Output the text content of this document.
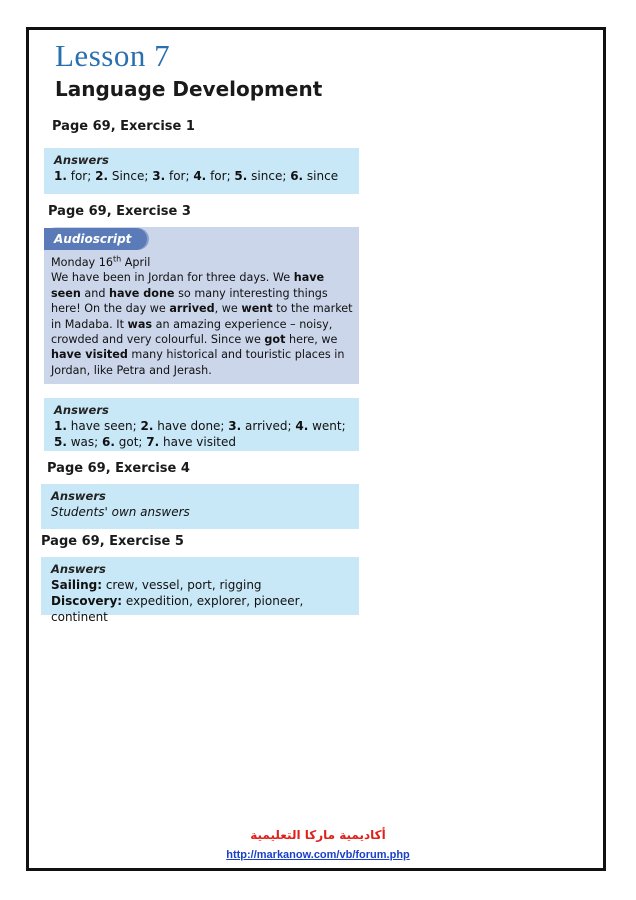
Lesson 7
Language Development
Page 69, Exercise 1
Answers
1. for; 2. Since; 3. for; 4. for; 5. since; 6. since
Page 69, Exercise 3
Audioscript

Monday 16th April

We have been in Jordan for three days. We have seen and have done so many interesting things here! On the day we arrived, we went to the market in Madaba. It was an amazing experience – noisy, crowded and very colourful. Since we got here, we have visited many historical and touristic places in Jordan, like Petra and Jerash.

Answers
1. have seen; 2. have done; 3. arrived; 4. went;
5. was; 6. got; 7. have visited
Page 69, Exercise 4
Answers
Students' own answers
Page 69, Exercise 5
Answers
Sailing: crew, vessel, port, rigging
Discovery: expedition, explorer, pioneer, continent
أكاديمية ماركا التعليمية
http://markanow.com/vb/forum.php
